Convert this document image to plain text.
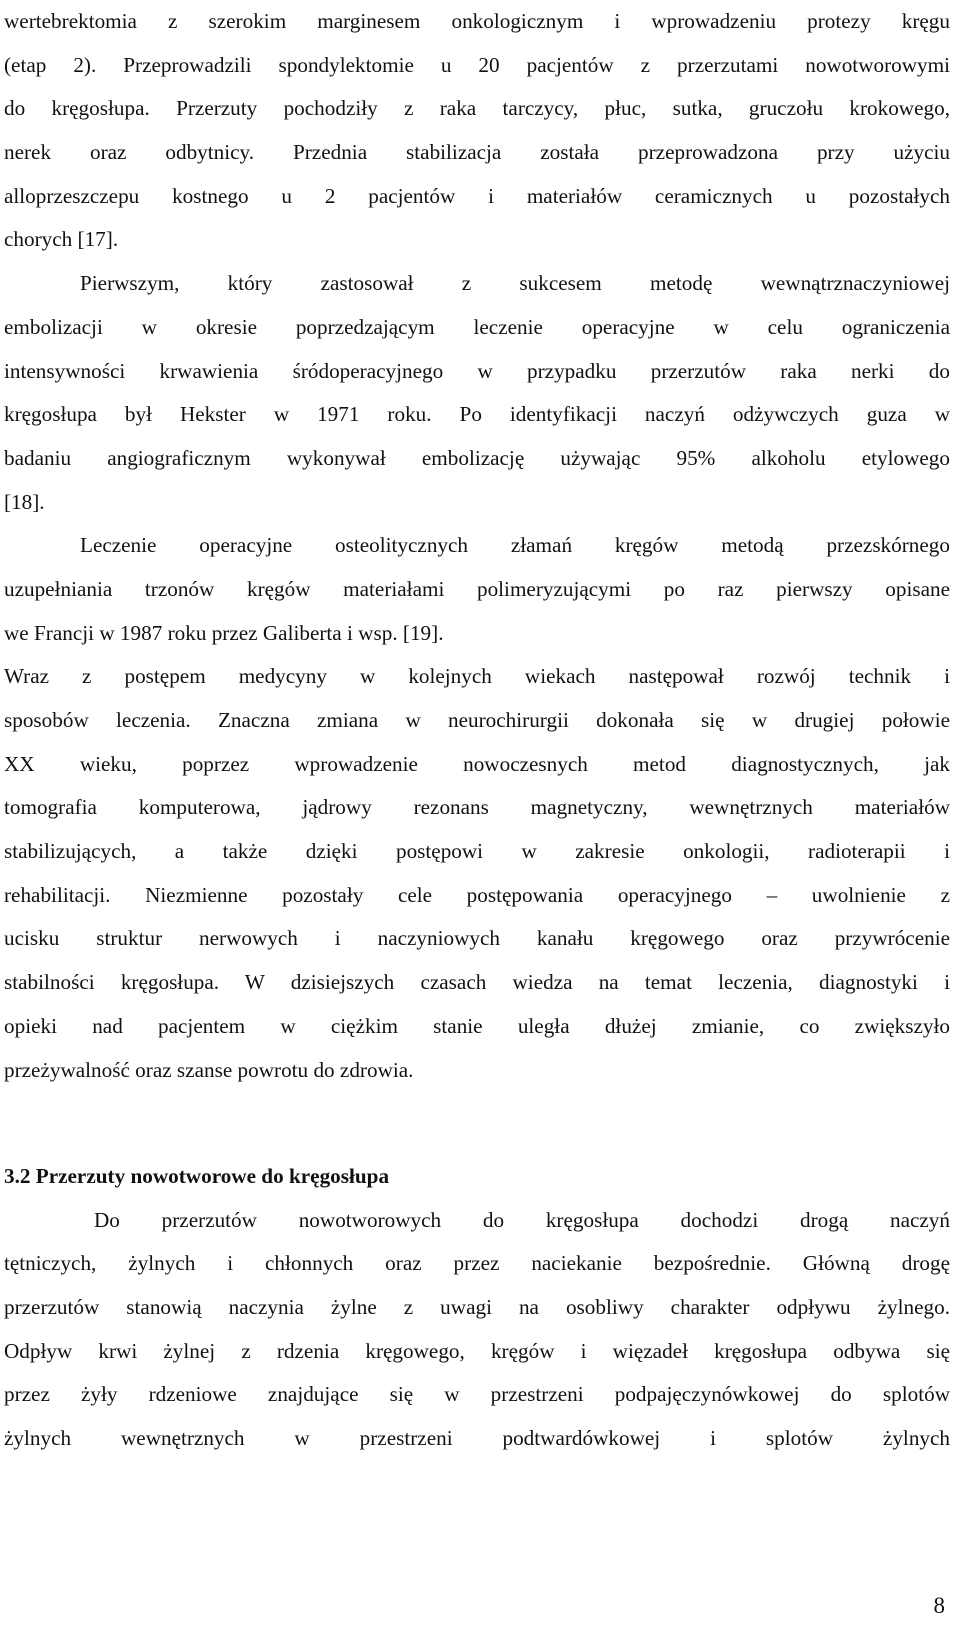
wertebrektomia z szerokim marginesem onkologicznym i wprowadzeniu protezy kręgu
(etap 2). Przeprowadzili spondylektomie u 20 pacjentów z przerzutami nowotworowymi
do kręgosłupa. Przerzuty pochodziły z raka tarczycy, płuc, sutka, gruczołu krokowego,
nerek oraz odbytnicy. Przednia stabilizacja została przeprowadzona przy użyciu
alloprzeszczepu kostnego u 2 pacjentów i materiałów ceramicznych u pozostałych
chorych [17].
Pierwszym, który zastosował z sukcesem metodę wewnątrznaczyniowej
embolizacji w okresie poprzedzającym leczenie operacyjne w celu ograniczenia
intensywności krwawienia śródoperacyjnego w przypadku przerzutów raka nerki do
kręgosłupa był Hekster w 1971 roku. Po identyfikacji naczyń odżywczych guza w
badaniu angiograficznym wykonywał embolizację używając 95% alkoholu etylowego
[18].
Leczenie operacyjne osteolitycznych złamań kręgów metodą przezskórnego
uzupełniania trzonów kręgów materiałami polimeryzującymi po raz pierwszy opisane
we Francji w 1987 roku przez Galiberta i wsp. [19].
Wraz z postępem medycyny w kolejnych wiekach następował rozwój technik i
sposobów leczenia. Znaczna zmiana w neurochirurgii dokonała się w drugiej połowie
XX wieku, poprzez wprowadzenie nowoczesnych metod diagnostycznych, jak
tomografia komputerowa, jądrowy rezonans magnetyczny, wewnętrznych materiałów
stabilizujących, a także dzięki postępowi w zakresie onkologii, radioterapii i
rehabilitacji. Niezmienne pozostały cele postępowania operacyjnego – uwolnienie z
ucisku struktur nerwowych i naczyniowych kanału kręgowego oraz przywrócenie
stabilności kręgosłupa. W dzisiejszych czasach wiedza na temat leczenia, diagnostyki i
opieki nad pacjentem w ciężkim stanie uległa dłużej zmianie, co zwiększyło
przeżywalność oraz szanse powrotu do zdrowia.
3.2 Przerzuty nowotworowe do kręgosłupa
Do przerzutów nowotworowych do kręgosłupa dochodzi drogą naczyń
tętniczych, żylnych i chłonnych oraz przez naciekanie bezpośrednie. Główną drogę
przerzutów stanowią naczynia żylne z uwagi na osobliwy charakter odpływu żylnego.
Odpływ krwi żylnej z rdzenia kręgowego, kręgów i więzadeł kręgosłupa odbywa się
przez żyły rdzeniowe znajdujące się w przestrzeni podpajęczynówkowej do splotów
żylnych wewnętrznych w przestrzeni podtwardówkowej i splotów żylnych
8
